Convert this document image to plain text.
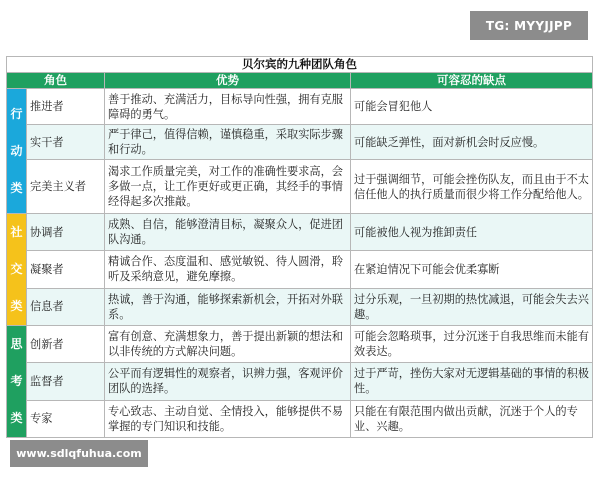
TG: MYYJJPP
贝尔宾的九种团队角色			
角色		优势	可容忍的缺点

行
动
类	推进者	善于推动、充满活力，目标导向性强，拥有克服障碍的勇气。	可能会冒犯他人
	实干者	严于律己，值得信赖，谨慎稳重，采取实际步骤和行动。	可能缺乏弹性，面对新机会时反应慢。
	完美主义者	渴求工作质量完美，对工作的准确性要求高，会多做一点，让工作更好或更正确，其经手的事情经得起多次推敲。	过于强调细节，可能会挫伤队友，而且由于不太信任他人的执行质量而很少将工作分配给他人。

社
交
类	协调者	成熟、自信，能够澄清目标，凝聚众人，促进团队沟通。	可能被他人视为推卸责任
	凝聚者	精诚合作、态度温和、感觉敏锐、待人圆滑，聆听及采纳意见，避免摩擦。	在紧迫情况下可能会优柔寡断
	信息者	热诚，善于沟通，能够探索新机会，开拓对外联系。	过分乐观，一旦初期的热忱减退，可能会失去兴趣。

思
考
类	创新者	富有创意、充满想象力，善于提出新颖的想法和以非传统的方式解决问题。	可能会忽略琐事，过分沉迷于自我思维而未能有效表达。
	监督者	公平而有逻辑性的观察者，识辨力强，客观评价团队的选择。	过于严苛，挫伤大家对无逻辑基础的事情的积极性。
	专家	专心致志、主动自觉、全情投入，能够提供不易掌握的专门知识和技能。	只能在有限范围内做出贡献，沉迷于个人的专业、兴趣。
www.sdlqfuhua.com
